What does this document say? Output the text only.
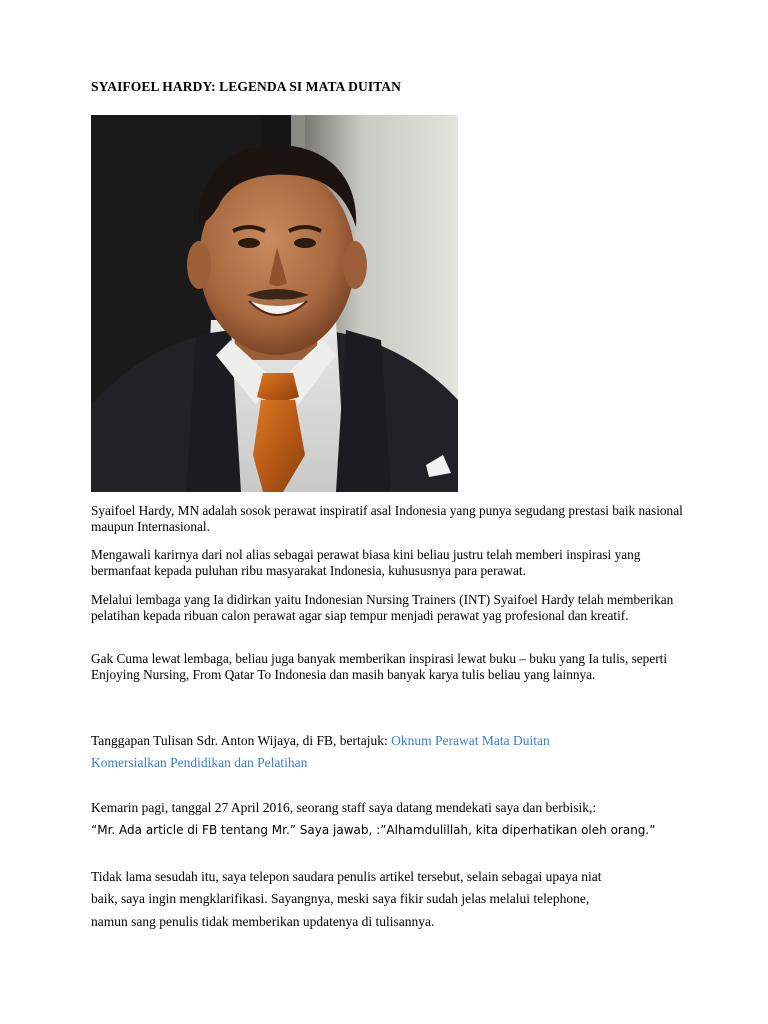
SYAIFOEL HARDY: LEGENDA SI MATA DUITAN
Syaifoel Hardy, MN adalah sosok perawat inspiratif asal Indonesia yang punya segudang prestasi baik nasional maupun Internasional.
Mengawali karirnya dari nol alias sebagai perawat biasa kini beliau justru telah memberi inspirasi yang bermanfaat kepada puluhan ribu masyarakat Indonesia, kuhususnya para perawat.
Melalui lembaga yang Ia didirkan yaitu Indonesian Nursing Trainers (INT) Syaifoel Hardy telah memberikan pelatihan kepada ribuan calon perawat agar siap tempur menjadi perawat yag profesional dan kreatif.
Gak Cuma lewat lembaga, beliau juga banyak memberikan inspirasi lewat buku – buku yang Ia tulis, seperti Enjoying Nursing, From Qatar To Indonesia dan masih banyak karya tulis beliau yang lainnya.
Tanggapan Tulisan Sdr. Anton Wijaya, di FB, bertajuk: Oknum Perawat Mata Duitan
Komersialkan Pendidikan dan Pelatihan
Kemarin pagi, tanggal 27 April 2016, seorang staff saya datang mendekati saya dan berbisik,:
“Mr. Ada article di FB tentang Mr.” Saya jawab, :”Alhamdulillah, kita diperhatikan oleh orang.”
Tidak lama sesudah itu, saya telepon saudara penulis artikel tersebut, selain sebagai upaya niat
baik, saya ingin mengklarifikasi. Sayangnya, meski saya fikir sudah jelas melalui telephone,
namun sang penulis tidak memberikan updatenya di tulisannya.
